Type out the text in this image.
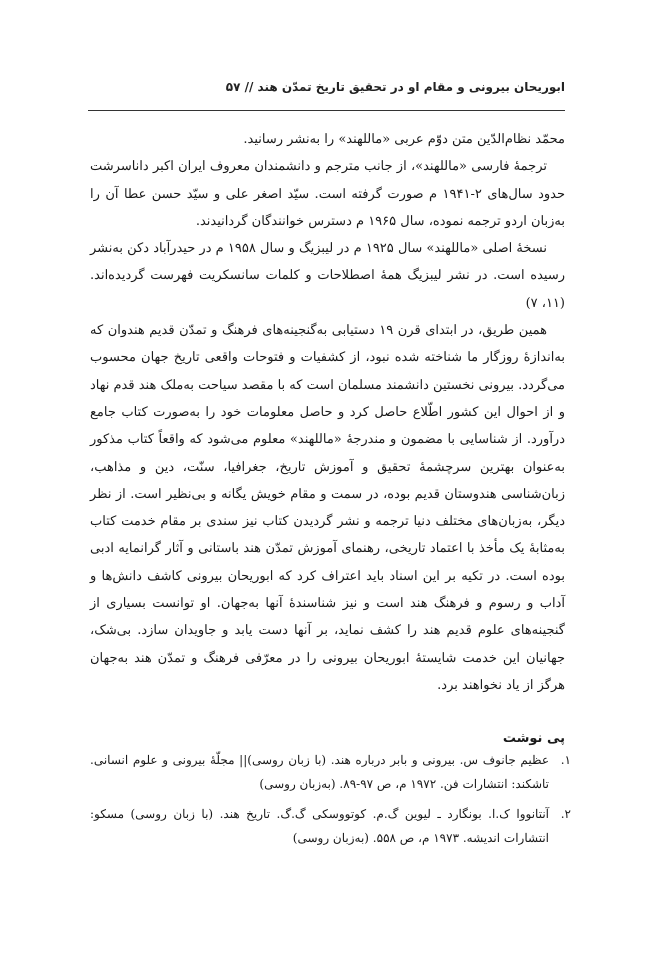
ابوریحان بیرونی و مقام او در تحقیق تاریخ تمدّن هند // ۵۷

محمّد نظام‌الدّین متن دوّم عربی «ماللهند» را به‌نشر رسانید.

ترجمهٔ فارسی «ماللهند»، از جانب مترجم و دانشمندان معروف ایران اکبر داناسرشت حدود سال‌های ۲-۱۹۴۱ م صورت گرفته است. سیّد اصغر علی و سیّد حسن عطا آن را به‌زبان اردو ترجمه نموده، سال ۱۹۶۵ م دسترس خوانندگان گردانیدند.

نسخهٔ اصلی «ماللهند» سال ۱۹۲۵ م در لیبزیگ و سال ۱۹۵۸ م در حیدرآباد دکن به‌نشر رسیده است. در نشر لیبزیگ همهٔ اصطلاحات و کلمات سانسکریت فهرست گردیده‌اند. (۱۱، ۷)

همین طریق، در ابتدای قرن ۱۹ دستیابی به‌گنجینه‌های فرهنگ و تمدّن قدیم هندوان که به‌اندازهٔ روزگار ما شناخته شده نبود، از کشفیات و فتوحات واقعی تاریخ جهان محسوب می‌گردد. بیرونی نخستین دانشمند مسلمان است که با مقصد سیاحت به‌ملک هند قدم نهاد و از احوال این کشور اطّلاع حاصل کرد و حاصل معلومات خود را به‌صورت کتاب جامع درآورد. از شناسایی با مضمون و مندرجهٔ «ماللهند» معلوم می‌شود که واقعاً کتاب مذکور به‌عنوان بهترین سرچشمهٔ تحقیق و آموزش تاریخ، جغرافیا، سنّت، دین و مذاهب، زبان‌شناسی هندوستان قدیم بوده، در سمت و مقام خویش یگانه و بی‌نظیر است. از نظر دیگر، به‌زبان‌های مختلف دنیا ترجمه و نشر گردیدن کتاب نیز سندی بر مقام خدمت کتاب به‌مثابهٔ یک مأخذ با اعتماد تاریخی، رهنمای آموزش تمدّن هند باستانی و آثار گرانمایه ادبی بوده است. در تکیه بر این اسناد باید اعتراف کرد که ابوریحان بیرونی کاشف دانش‌ها و آداب و رسوم و فرهنگ هند است و نیز شناسندهٔ آنها به‌جهان. او توانست بسیاری از گنجینه‌های علوم قدیم هند را کشف نماید، بر آنها دست یابد و جاویدان سازد. بی‌شک، جهانیان این خدمت شایستهٔ ابوریحان بیرونی را در معرّفی فرهنگ و تمدّن هند به‌جهان هرگز از یاد نخواهند برد.

پی نوشت
۱.
عظیم جانوف س. بیرونی و بابر درباره هند. (با زبان روسی)|| مجلّهٔ بیرونی و علوم انسانی. تاشکند: انتشارات فن. ۱۹۷۲ م، ص ۹۷-۸۹. (به‌زبان روسی)
۲.
آنتانووا ک.ا. بونگارد ـ لیوین گ.م. کوتووسکی گ.گ. تاریخ هند. (با زبان روسی) مسکو: انتشارات اندیشه. ۱۹۷۳ م، ص ۵۵۸. (به‌زبان روسی)
